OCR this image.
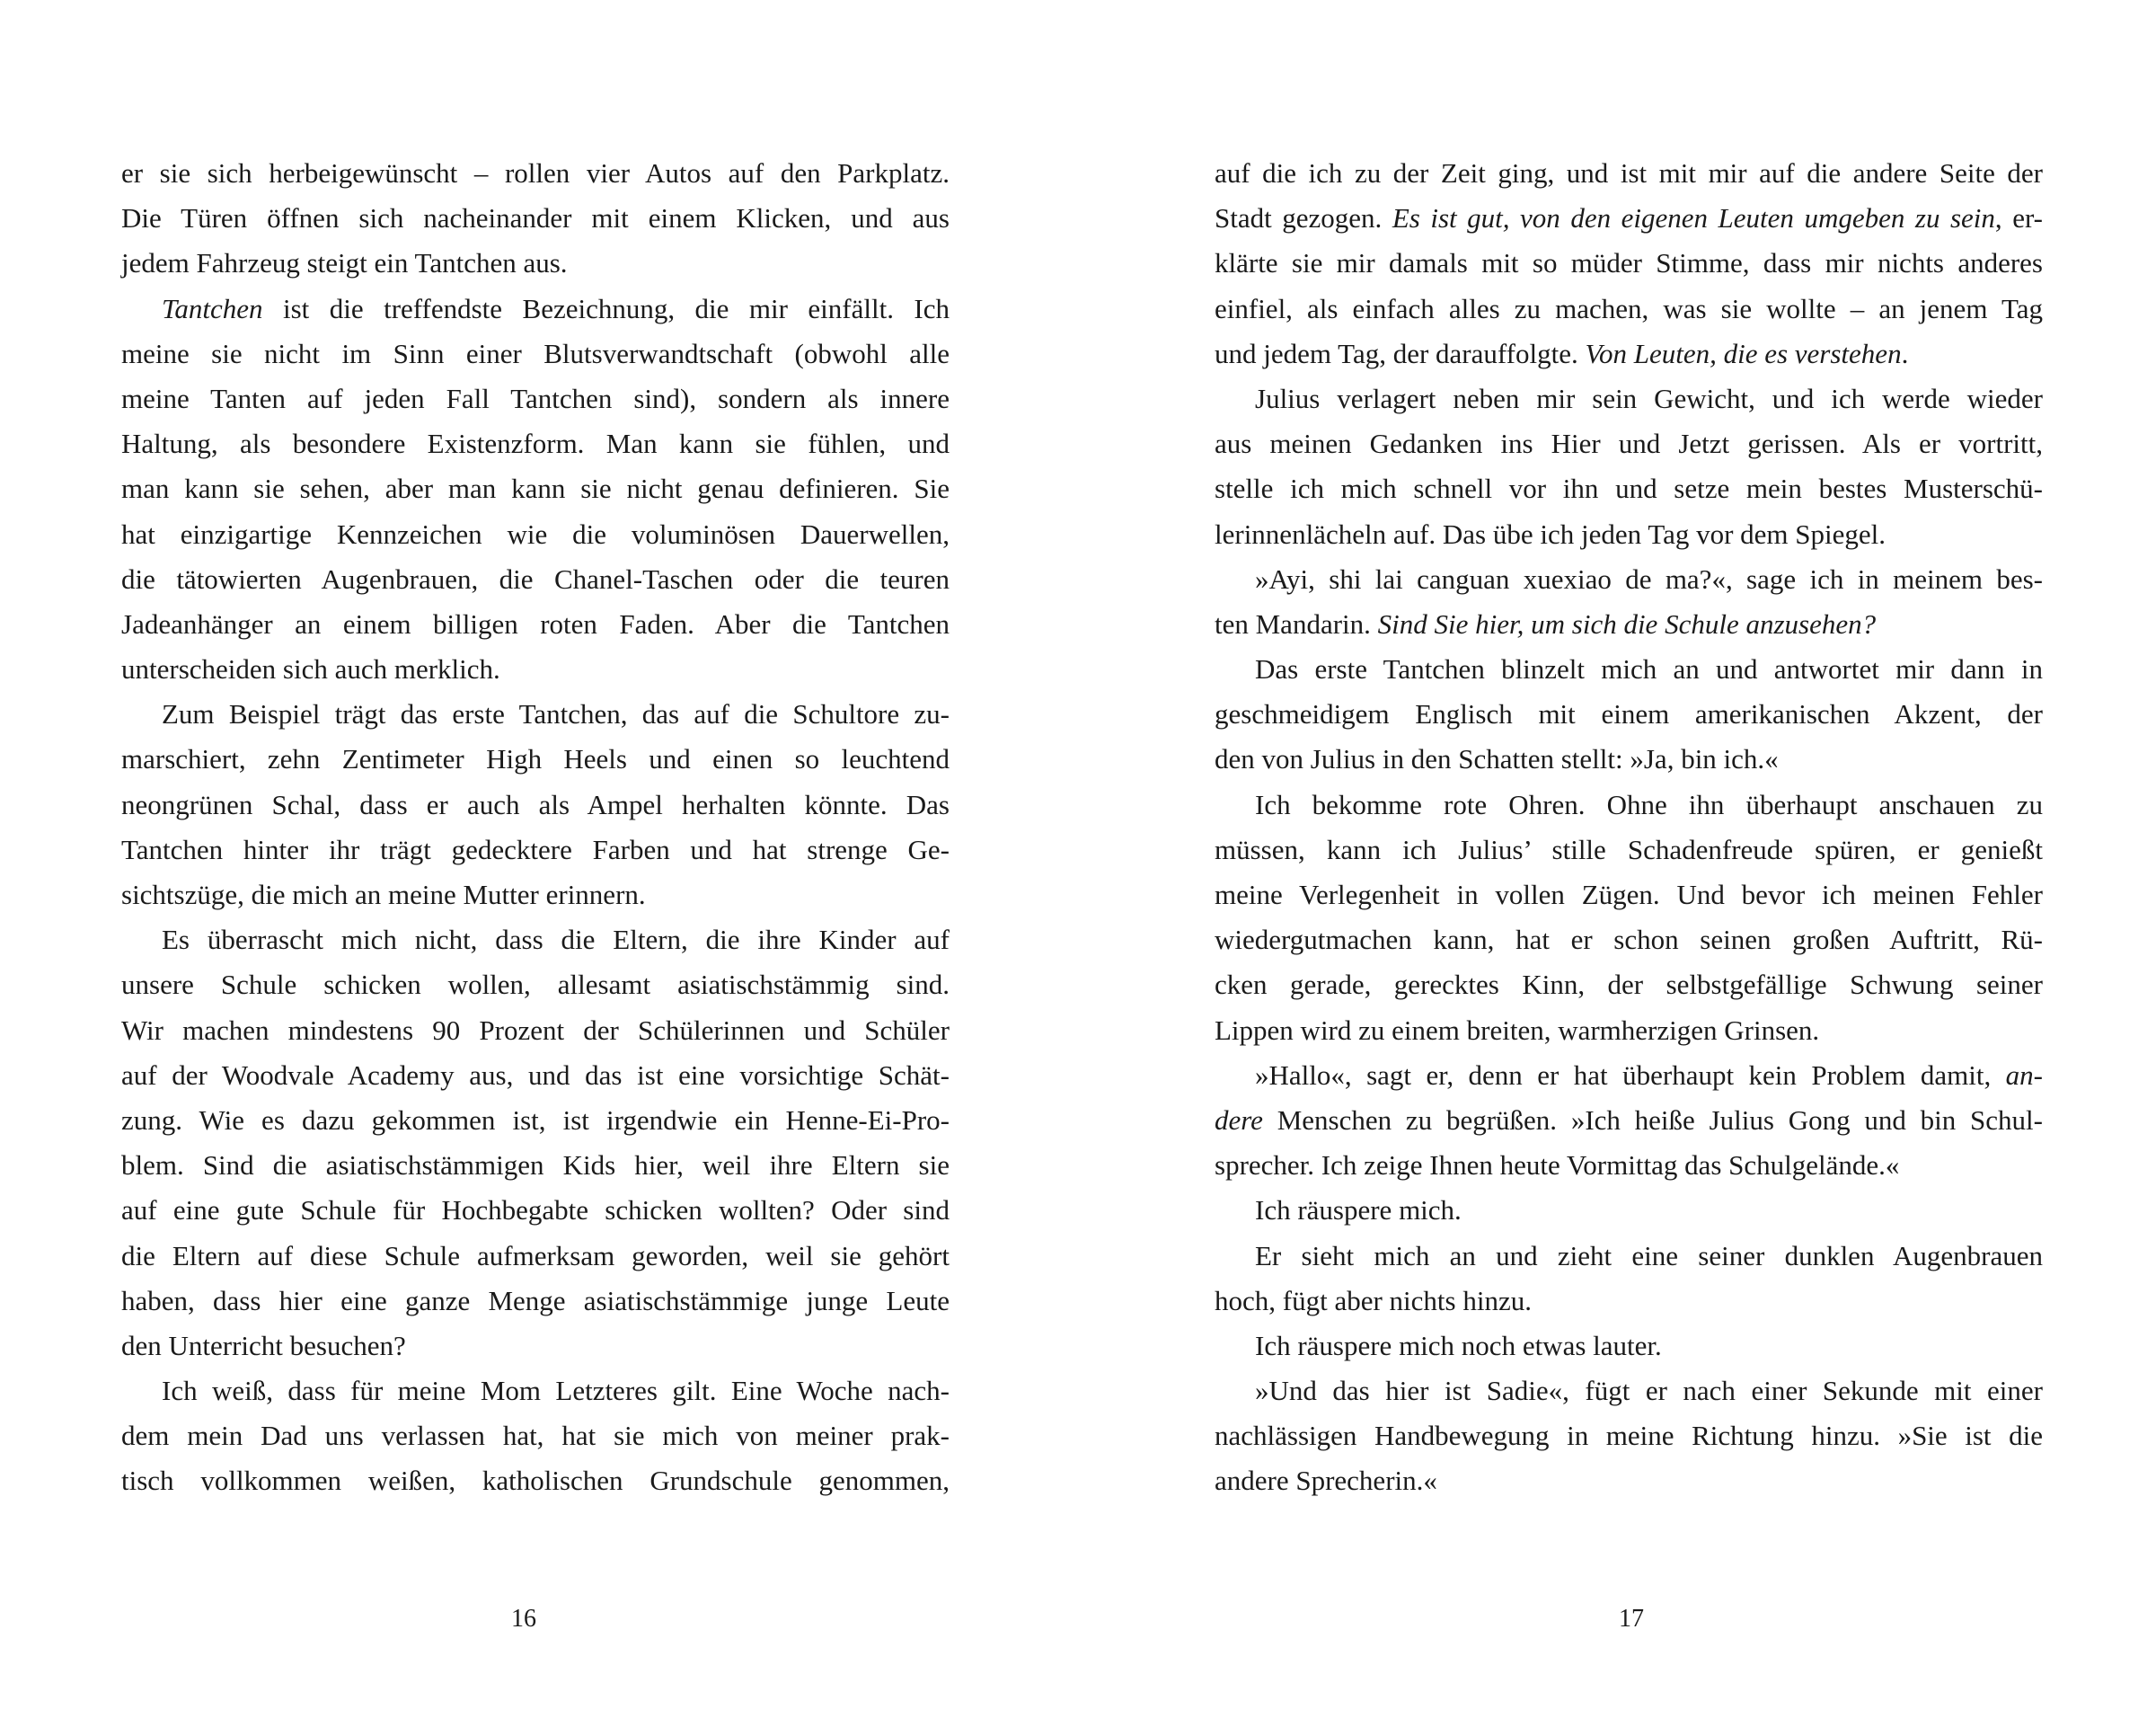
er sie sich herbeigewünscht – rollen vier Autos auf den Parkplatz.
Die Türen öffnen sich nacheinander mit einem Klicken, und aus
jedem Fahrzeug steigt ein Tantchen aus.
Tantchen ist die treffendste Bezeichnung, die mir einfällt. Ich
meine sie nicht im Sinn einer Blutsverwandtschaft (obwohl alle
meine Tanten auf jeden Fall Tantchen sind), sondern als innere
Haltung, als besondere Existenzform. Man kann sie fühlen, und
man kann sie sehen, aber man kann sie nicht genau definieren. Sie
hat einzigartige Kennzeichen wie die voluminösen Dauerwellen,
die tätowierten Augenbrauen, die Chanel-Taschen oder die teuren
Jadeanhänger an einem billigen roten Faden. Aber die Tantchen
unterscheiden sich auch merklich.
Zum Beispiel trägt das erste Tantchen, das auf die Schultore zu-
marschiert, zehn Zentimeter High Heels und einen so leuchtend
neongrünen Schal, dass er auch als Ampel herhalten könnte. Das
Tantchen hinter ihr trägt gedecktere Farben und hat strenge Ge-
sichtszüge, die mich an meine Mutter erinnern.
Es überrascht mich nicht, dass die Eltern, die ihre Kinder auf
unsere Schule schicken wollen, allesamt asiatischstämmig sind.
Wir machen mindestens 90 Prozent der Schülerinnen und Schüler
auf der Woodvale Academy aus, und das ist eine vorsichtige Schät-
zung. Wie es dazu gekommen ist, ist irgendwie ein Henne-Ei-Pro-
blem. Sind die asiatischstämmigen Kids hier, weil ihre Eltern sie
auf eine gute Schule für Hochbegabte schicken wollten? Oder sind
die Eltern auf diese Schule aufmerksam geworden, weil sie gehört
haben, dass hier eine ganze Menge asiatischstämmige junge Leute
den Unterricht besuchen?
Ich weiß, dass für meine Mom Letzteres gilt. Eine Woche nach-
dem mein Dad uns verlassen hat, hat sie mich von meiner prak-
tisch vollkommen weißen, katholischen Grundschule genommen,
16
auf die ich zu der Zeit ging, und ist mit mir auf die andere Seite der
Stadt gezogen. Es ist gut, von den eigenen Leuten umgeben zu sein, er-
klärte sie mir damals mit so müder Stimme, dass mir nichts anderes
einfiel, als einfach alles zu machen, was sie wollte – an jenem Tag
und jedem Tag, der darauffolgte. Von Leuten, die es verstehen.
Julius verlagert neben mir sein Gewicht, und ich werde wieder
aus meinen Gedanken ins Hier und Jetzt gerissen. Als er vortritt,
stelle ich mich schnell vor ihn und setze mein bestes Musterschü-
lerinnenlächeln auf. Das übe ich jeden Tag vor dem Spiegel.
»Ayi, shi lai canguan xuexiao de ma?«, sage ich in meinem bes-
ten Mandarin. Sind Sie hier, um sich die Schule anzusehen?
Das erste Tantchen blinzelt mich an und antwortet mir dann in
geschmeidigem Englisch mit einem amerikanischen Akzent, der
den von Julius in den Schatten stellt: »Ja, bin ich.«
Ich bekomme rote Ohren. Ohne ihn überhaupt anschauen zu
müssen, kann ich Julius’ stille Schadenfreude spüren, er genießt
meine Verlegenheit in vollen Zügen. Und bevor ich meinen Fehler
wiedergutmachen kann, hat er schon seinen großen Auftritt, Rü-
cken gerade, gerecktes Kinn, der selbstgefällige Schwung seiner
Lippen wird zu einem breiten, warmherzigen Grinsen.
»Hallo«, sagt er, denn er hat überhaupt kein Problem damit, an-
dere Menschen zu begrüßen. »Ich heiße Julius Gong und bin Schul-
sprecher. Ich zeige Ihnen heute Vormittag das Schulgelände.«
Ich räuspere mich.
Er sieht mich an und zieht eine seiner dunklen Augenbrauen
hoch, fügt aber nichts hinzu.
Ich räuspere mich noch etwas lauter.
»Und das hier ist Sadie«, fügt er nach einer Sekunde mit einer
nachlässigen Handbewegung in meine Richtung hinzu. »Sie ist die
andere Sprecherin.«
17
